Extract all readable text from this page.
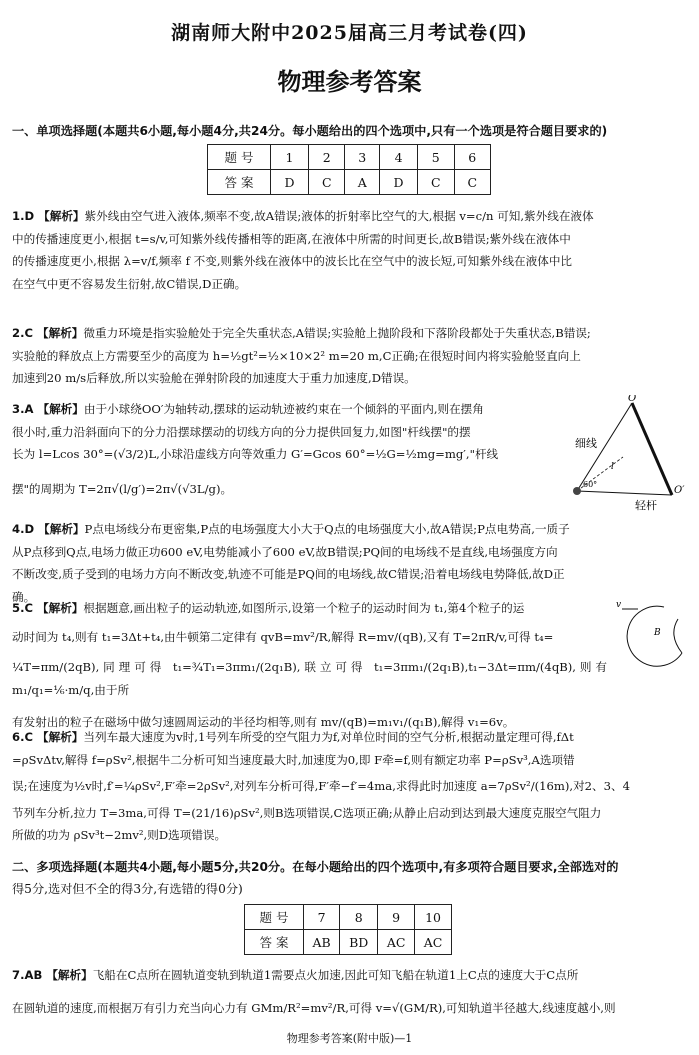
湖南师大附中2025届高三月考试卷(四)
物理参考答案
一、单项选择题(本题共6小题,每小题4分,共24分。每小题给出的四个选项中,只有一个选项是符合题目要求的)
题 号	1	2	3	4	5	6
答 案	D	C	A	D	C	C

1.D 【解析】紫外线由空气进入液体,频率不变,故A错误;液体的折射率比空气的大,根据 v=c/n 可知,紫外线在液体

中的传播速度更小,根据 t=s/v,可知紫外线传播相等的距离,在液体中所需的时间更长,故B错误;紫外线在液体中

的传播速度更小,根据 λ=v/f,频率 f 不变,则紫外线在液体中的波长比在空气中的波长短,可知紫外线在液体中比

在空气中更不容易发生衍射,故C错误,D正确。

2.C 【解析】微重力环境是指实验舱处于完全失重状态,A错误;实验舱上抛阶段和下落阶段都处于失重状态,B错误;

实验舱的释放点上方需要至少的高度为 h=½gt²=½×10×2² m=20 m,C正确;在很短时间内将实验舱竖直向上

加速到20 m/s后释放,所以实验舱在弹射阶段的加速度大于重力加速度,D错误。

3.A 【解析】由于小球绕OO′为轴转动,摆球的运动轨迹被约束在一个倾斜的平面内,则在摆角

很小时,重力沿斜面向下的分力沿摆球摆动的切线方向的分力提供回复力,如图"杆线摆"的摆

长为 l=Lcos 30°=(√3/2)L,小球沿虚线方向等效重力 G′=Gcos 60°=½G=½mg=mg′,"杆线

摆"的周期为 T=2π√(l/g′)=2π√(√3L/g)。

O
O′
细线
轻杆
l
60°

4.D 【解析】P点电场线分布更密集,P点的电场强度大小大于Q点的电场强度大小,故A错误;P点电势高,一质子

从P点移到Q点,电场力做正功600 eV,电势能减小了600 eV,故B错误;PQ间的电场线不是直线,电场强度方向

不断改变,质子受到的电场力方向不断改变,轨迹不可能是PQ间的电场线,故C错误;沿着电场线电势降低,故D正

确。

5.C 【解析】根据题意,画出粒子的运动轨迹,如图所示,设第一个粒子的运动时间为 t₁,第4个粒子的运

动时间为 t₄,则有 t₁=3Δt+t₄,由牛顿第二定律有 qvB=mv²/R,解得 R=mv/(qB),又有 T=2πR/v,可得 t₄=

¼T=πm/(2qB),同理可得 t₁=¾T₁=3πm₁/(2q₁B),联立可得 t₁=3πm₁/(2q₁B),t₁−3Δt=πm/(4qB),则有 m₁/q₁=⅙·m/q,由于所

有发射出的粒子在磁场中做匀速圆周运动的半径均相等,则有 mv/(qB)=m₁v₁/(q₁B),解得 v₁=6v。

v
B

6.C 【解析】当列车最大速度为v时,1号列车所受的空气阻力为f,对单位时间的空气分析,根据动量定理可得,fΔt

=ρSvΔtv,解得 f=ρSv²,根据牛二分析可知当速度最大时,加速度为0,即 F牵=f,则有额定功率 P=ρSv³,A选项错

误;在速度为½v时,f′=¼ρSv²,F′牵=2ρSv²,对列车分析可得,F′牵−f′=4ma,求得此时加速度 a=7ρSv²/(16m),对2、3、4

节列车分析,拉力 T=3ma,可得 T=(21/16)ρSv²,则B选项错误,C选项正确;从静止启动到达到最大速度克服空气阻力

所做的功为 ρSv³t−2mv²,则D选项错误。

二、多项选择题(本题共4小题,每小题5分,共20分。在每小题给出的四个选项中,有多项符合题目要求,全部选对的
得5分,选对但不全的得3分,有选错的得0分)
题 号	7	8	9	10
答 案	AB	BD	AC	AC

7.AB 【解析】飞船在C点所在圆轨道变轨到轨道1需要点火加速,因此可知飞船在轨道1上C点的速度大于C点所

在圆轨道的速度,而根据万有引力充当向心力有 GMm/R²=mv²/R,可得 v=√(GM/R),可知轨道半径越大,线速度越小,则

物理参考答案(附中版)—1
